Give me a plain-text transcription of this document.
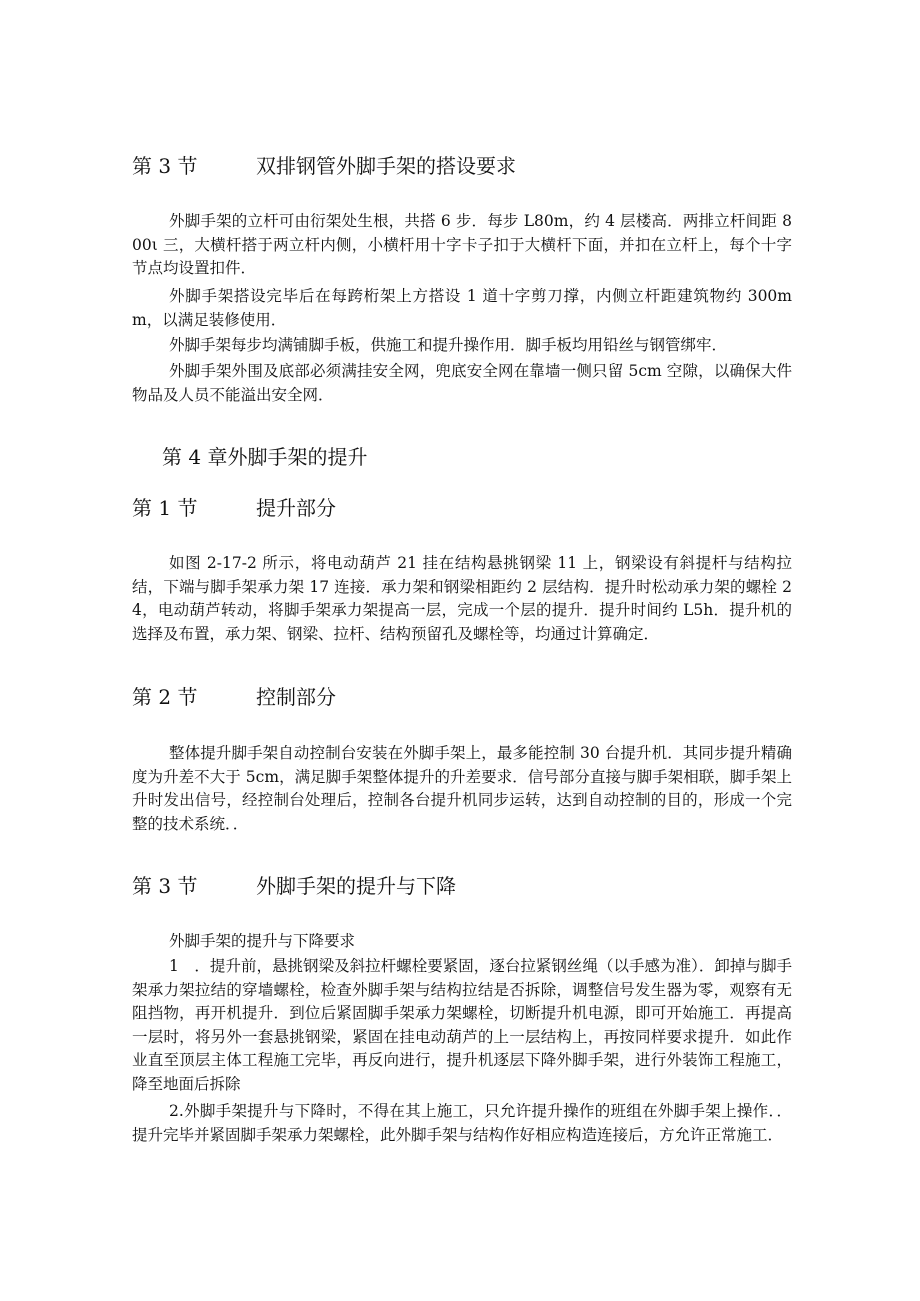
第 3 节	双排钢管外脚手架的搭设要求

外脚手架的立杆可由衍架处生根，共搭 6 步．每步 L80m，约 4 层楼高．两排立杆间距 800ι 三，大横杆搭于两立杆内侧，小横杆用十字卡子扣于大横杆下面，并扣在立杆上，每个十字节点均设置扣件．

外脚手架搭设完毕后在每跨桁架上方搭设 1 道十字剪刀撑，内侧立杆距建筑物约 300mm，以满足装修使用．

外脚手架每步均满铺脚手板，供施工和提升操作用．脚手板均用铅丝与钢管绑牢．

外脚手架外围及底部必须满挂安全网，兜底安全网在靠墙一侧只留 5cm 空隙，以确保大件物品及人员不能溢出安全网．

第 4 章外脚手架的提升
第 1 节	提升部分

如图 2-17-2 所示，将电动葫芦 21 挂在结构悬挑钢梁 11 上，钢梁设有斜提杆与结构拉结，下端与脚手架承力架 17 连接．承力架和钢梁相距约 2 层结构．提升时松动承力架的螺栓 24，电动葫芦转动，将脚手架承力架提高一层，完成一个层的提升．提升时间约 L5h．提升机的选择及布置，承力架、钢梁、拉杆、结构预留孔及螺栓等，均通过计算确定．

第 2 节	控制部分

整体提升脚手架自动控制台安装在外脚手架上，最多能控制 30 台提升机．其同步提升精确度为升差不大于 5cm，满足脚手架整体提升的升差要求．信号部分直接与脚手架相联，脚手架上升时发出信号，经控制台处理后，控制各台提升机同步运转，达到自动控制的目的，形成一个完整的技术系统．．

第 3 节	外脚手架的提升与下降

外脚手架的提升与下降要求

1　．提升前，悬挑钢梁及斜拉杆螺栓要紧固，逐台拉紧钢丝绳（以手感为准）．卸掉与脚手架承力架拉结的穿墙螺栓，检查外脚手架与结构拉结是否拆除，调整信号发生器为零，观察有无阻挡物，再开机提升．到位后紧固脚手架承力架螺栓，切断提升机电源，即可开始施工．再提高一层时，将另外一套悬挑钢梁，紧固在挂电动葫芦的上一层结构上，再按同样要求提升．如此作业直至顶层主体工程施工完毕，再反向进行，提升机逐层下降外脚手架，进行外装饰工程施工，降至地面后拆除

2.外脚手架提升与下降时，不得在其上施工，只允许提升操作的班组在外脚手架上操作．．提升完毕并紧固脚手架承力架螺栓，此外脚手架与结构作好相应构造连接后，方允许正常施工．
